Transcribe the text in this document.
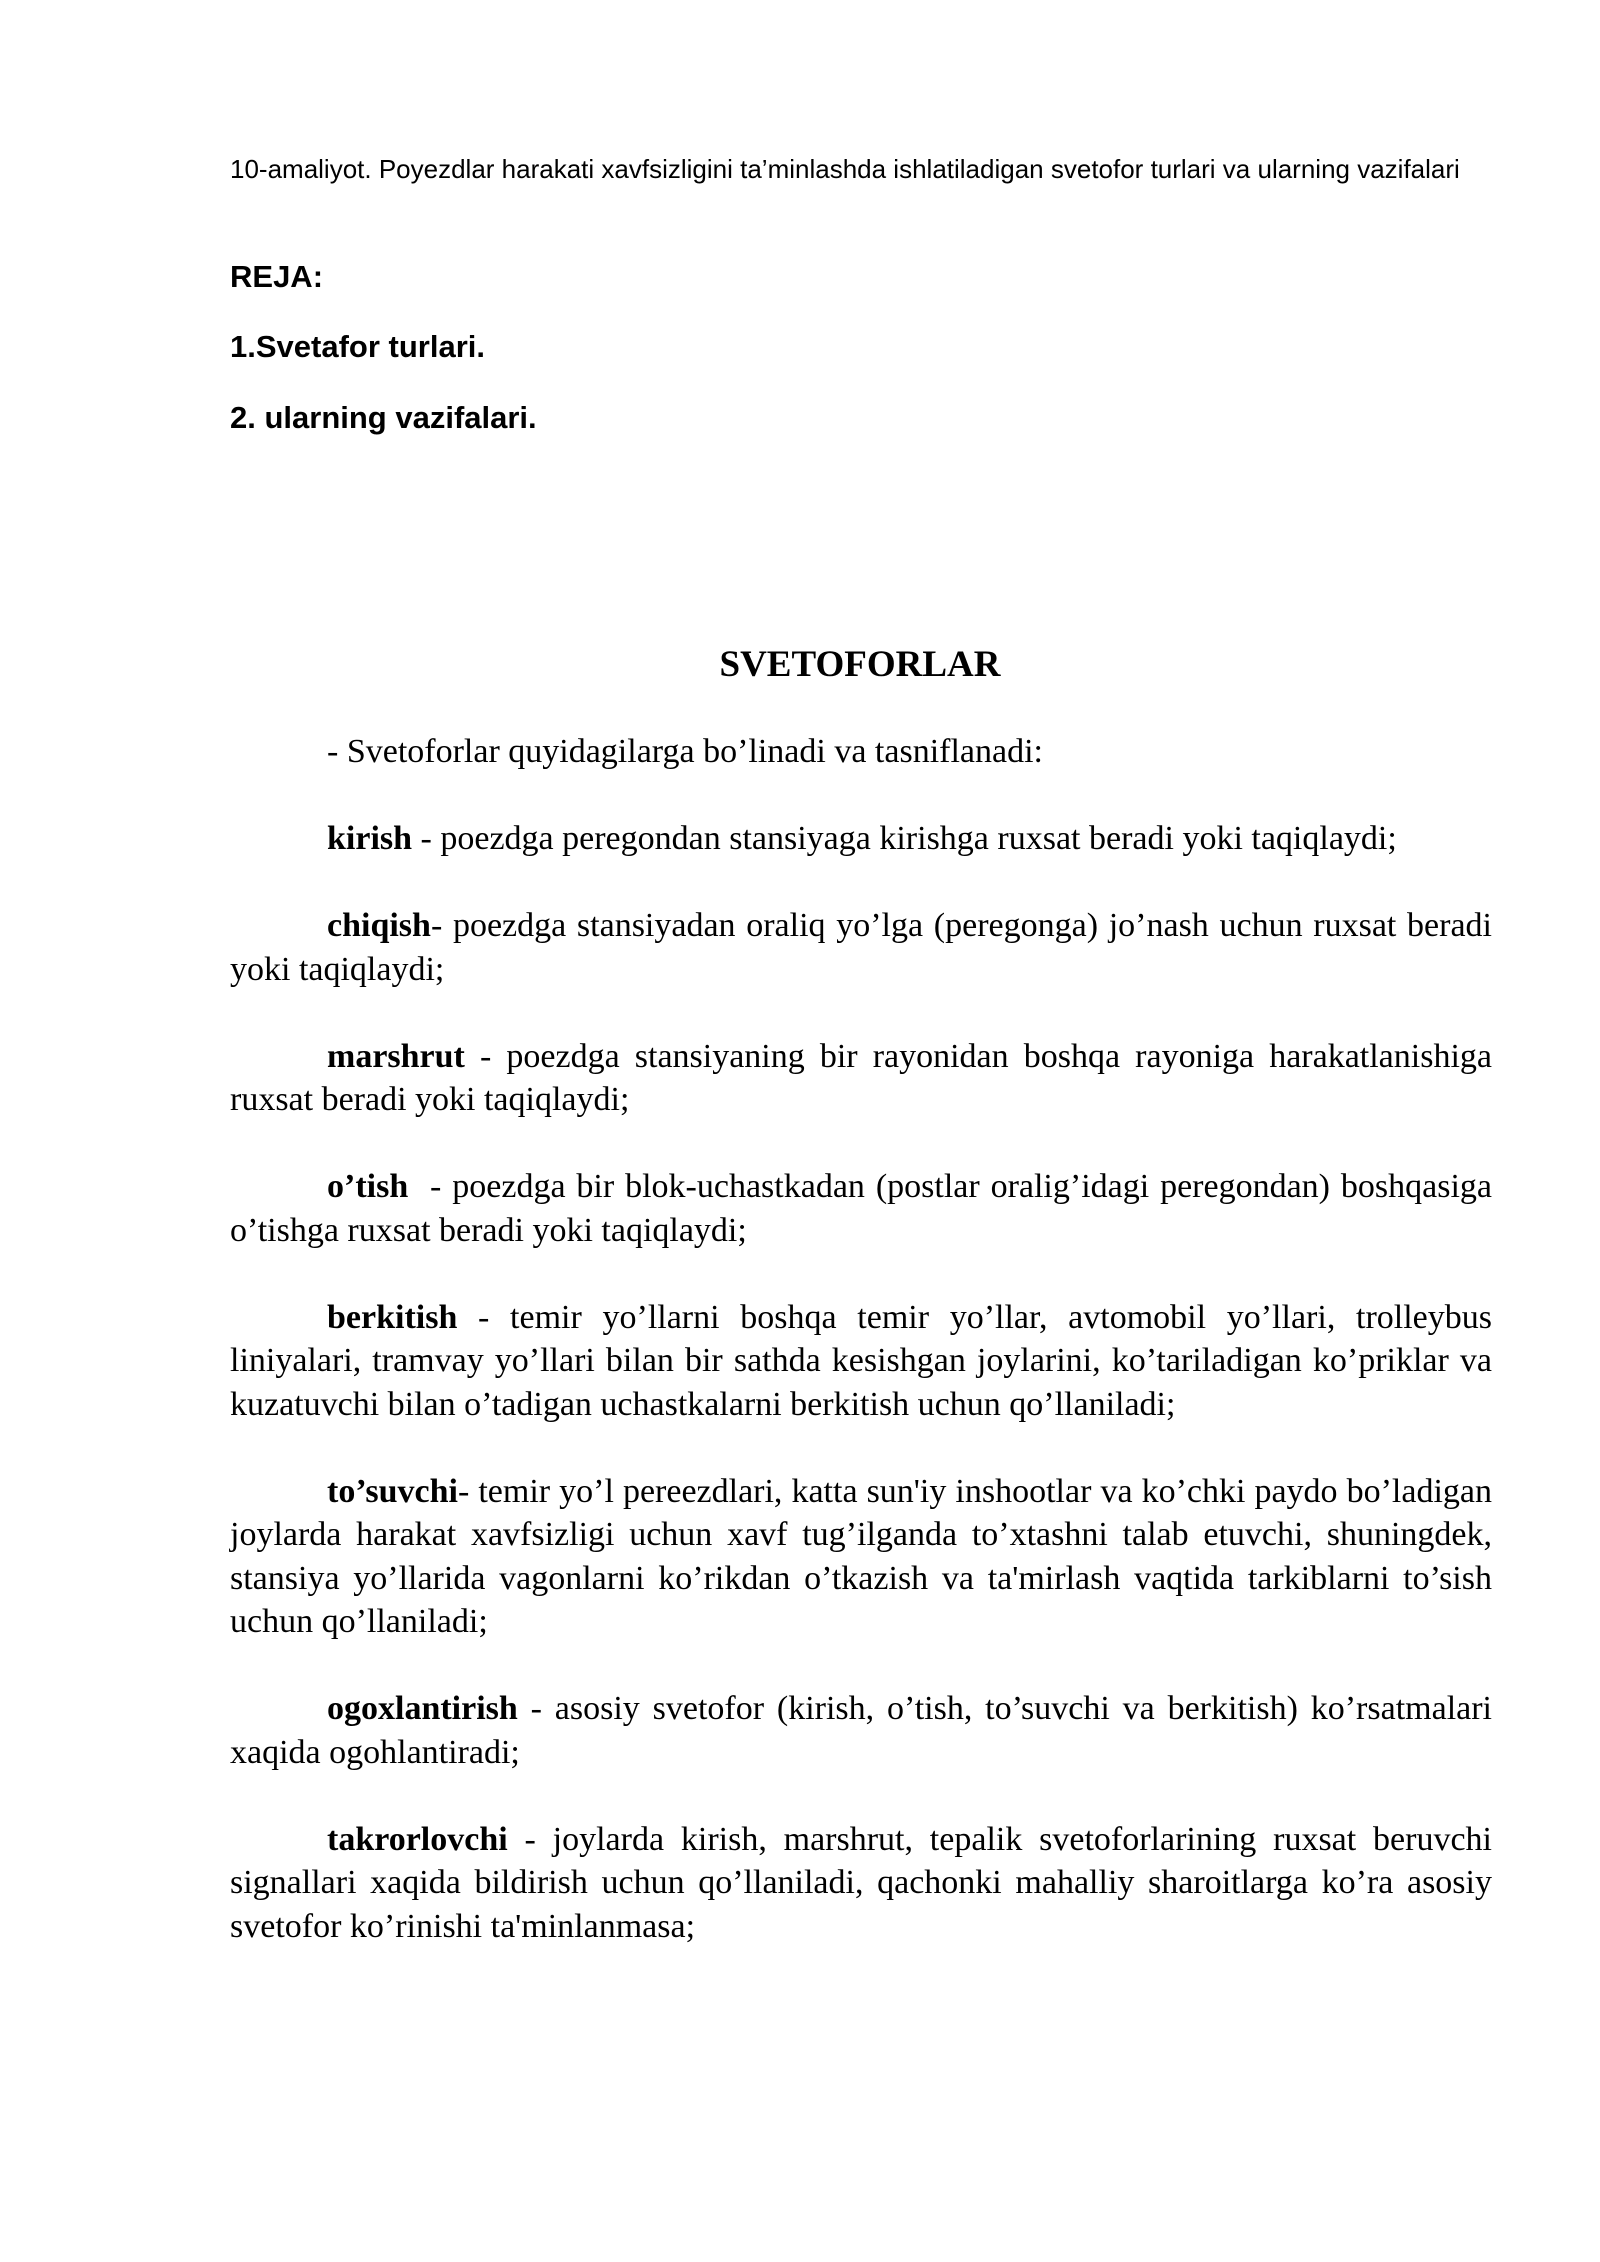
10-amaliyot. Poyezdlar harakati xavfsizligini ta’minlashda ishlatiladigan svetofor turlari va ularning vazifalari
REJA:
1.Svetafor turlari.
2. ularning vazifalari.
SVETOFORLAR

- Svetoforlar quyidagilarga bo’linadi va tasniflanadi:

kirish - poezdga peregondan stansiyaga kirishga ruxsat beradi yoki taqiqlaydi;

chiqish- poezdga stansiyadan oraliq yo’lga (peregonga) jo’nash uchun ruxsat beradi yoki taqiqlaydi;

marshrut - poezdga stansiyaning bir rayonidan boshqa rayoniga harakatlanishiga ruxsat beradi yoki taqiqlaydi;

o’tish  - poezdga bir blok-uchastkadan (postlar oralig’idagi peregondan) boshqasiga o’tishga ruxsat beradi yoki taqiqlaydi;

berkitish - temir yo’llarni boshqa temir yo’llar, avtomobil yo’llari, trolleybus liniyalari, tramvay yo’llari bilan bir sathda kesishgan joylarini, ko’tariladigan ko’priklar va kuzatuvchi bilan o’tadigan uchastkalarni berkitish uchun qo’llaniladi;

to’suvchi- temir yo’l pereezdlari, katta sun'iy inshootlar va ko’chki paydo bo’ladigan joylarda harakat xavfsizligi uchun xavf tug’ilganda to’xtashni talab etuvchi, shuningdek, stansiya yo’llarida vagonlarni ko’rikdan o’tkazish va ta'mirlash vaqtida tarkiblarni to’sish uchun qo’llaniladi;

ogoxlantirish - asosiy svetofor (kirish, o’tish, to’suvchi va berkitish) ko’rsatmalari xaqida ogohlantiradi;

takrorlovchi - joylarda kirish, marshrut, tepalik svetoforlarining ruxsat beruvchi signallari xaqida bildirish uchun qo’llaniladi, qachonki mahalliy sharoitlarga ko’ra asosiy svetofor ko’rinishi ta'minlanmasa;
